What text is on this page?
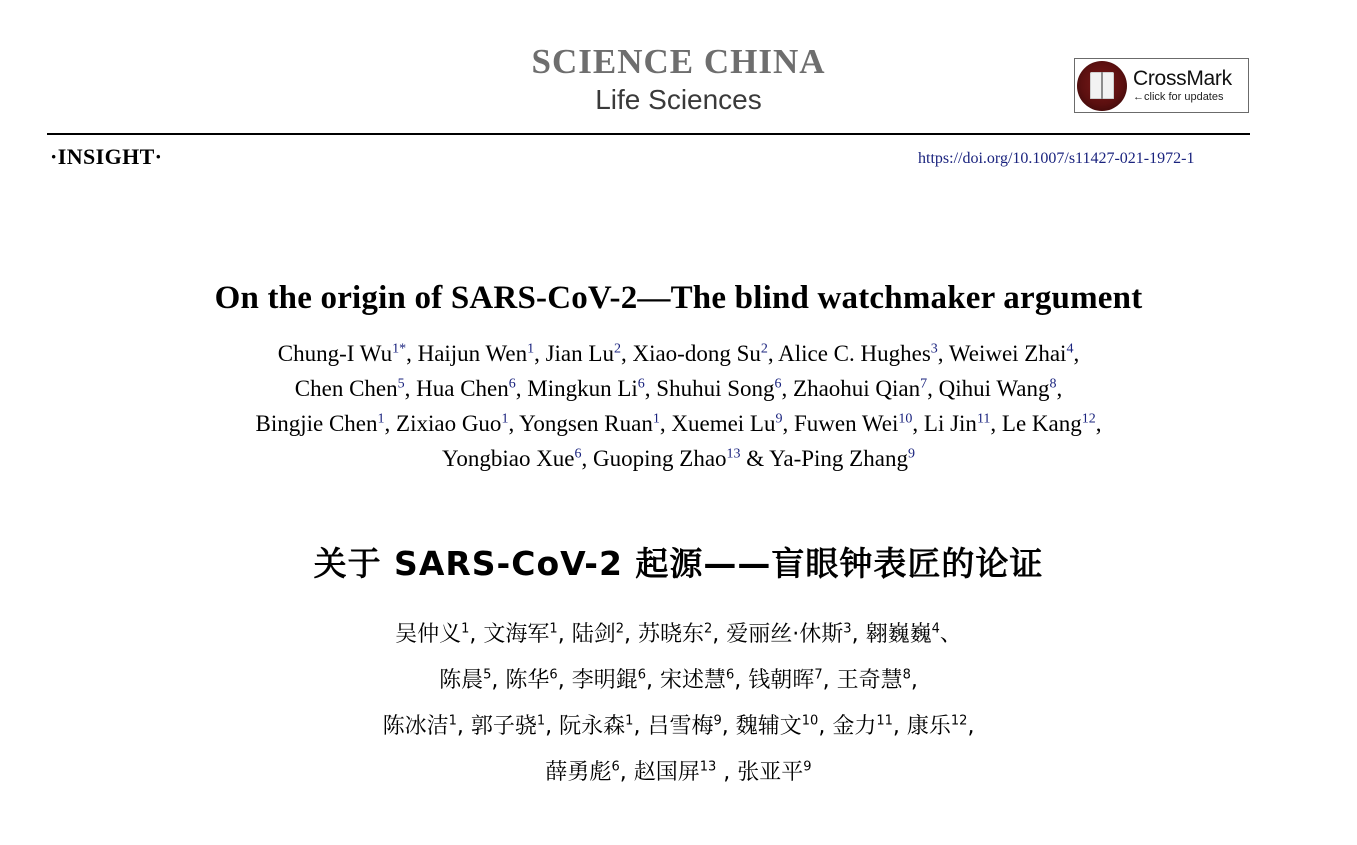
SCIENCE CHINA
Life Sciences
CrossMark
←click for updates
·INSIGHT·	https://doi.org/10.1007/s11427-021-1972-1
On the origin of SARS-CoV-2—The blind watchmaker argument
Chung-I $Wu^{1*}$, Haijun Wen$^1$, Jian Lu$^2$, Xiao-dong Su$^2$, Alice C. Hughes$^3$, Weiwei Zhai$^4$,
Chen Chen$^5$, Hua Chen$^6$, Mingkun Li$^6$, Shuhui Song$^6$, Zhaohui Qian$^7$, Qihui Wang$^8$,
Bingjie Chen$^1$, Zixiao Guo$^1$, Yongsen Ruan$^1$, Xuemei Lu$^9$, Fuwen Wei$^{10}$, Li Jin$^{11}$, Le Kang$^{12}$,
Yongbiao Xue$^6$, Guoping Zhao$^{13}$ & Ya-Ping Zhang$^9$
关于 SARS-CoV-2 起源——盲眼钟表匠的论证
吴仲义$^1$, 文海军$^1$, 陆剑$^2$, 苏晓东$^2$, 爱丽丝·休斯$^3$, 翱巍巍$^4$、
陈晨$^5$, 陈华$^6$, 李明錕$^6$, 宋述慧$^6$, 钱朝晖$^7$, 王奇慧$^8$,
陈冰洁$^1$, 郭子骁$^1$, 阮永森$^1$, 吕雪梅$^9$, 魏辅文$^{10}$, 金力$^{11}$, 康乐$^{12}$,
薛勇彪$^6$, 赵国屏$^{13}$ , 张亚平$^9$
